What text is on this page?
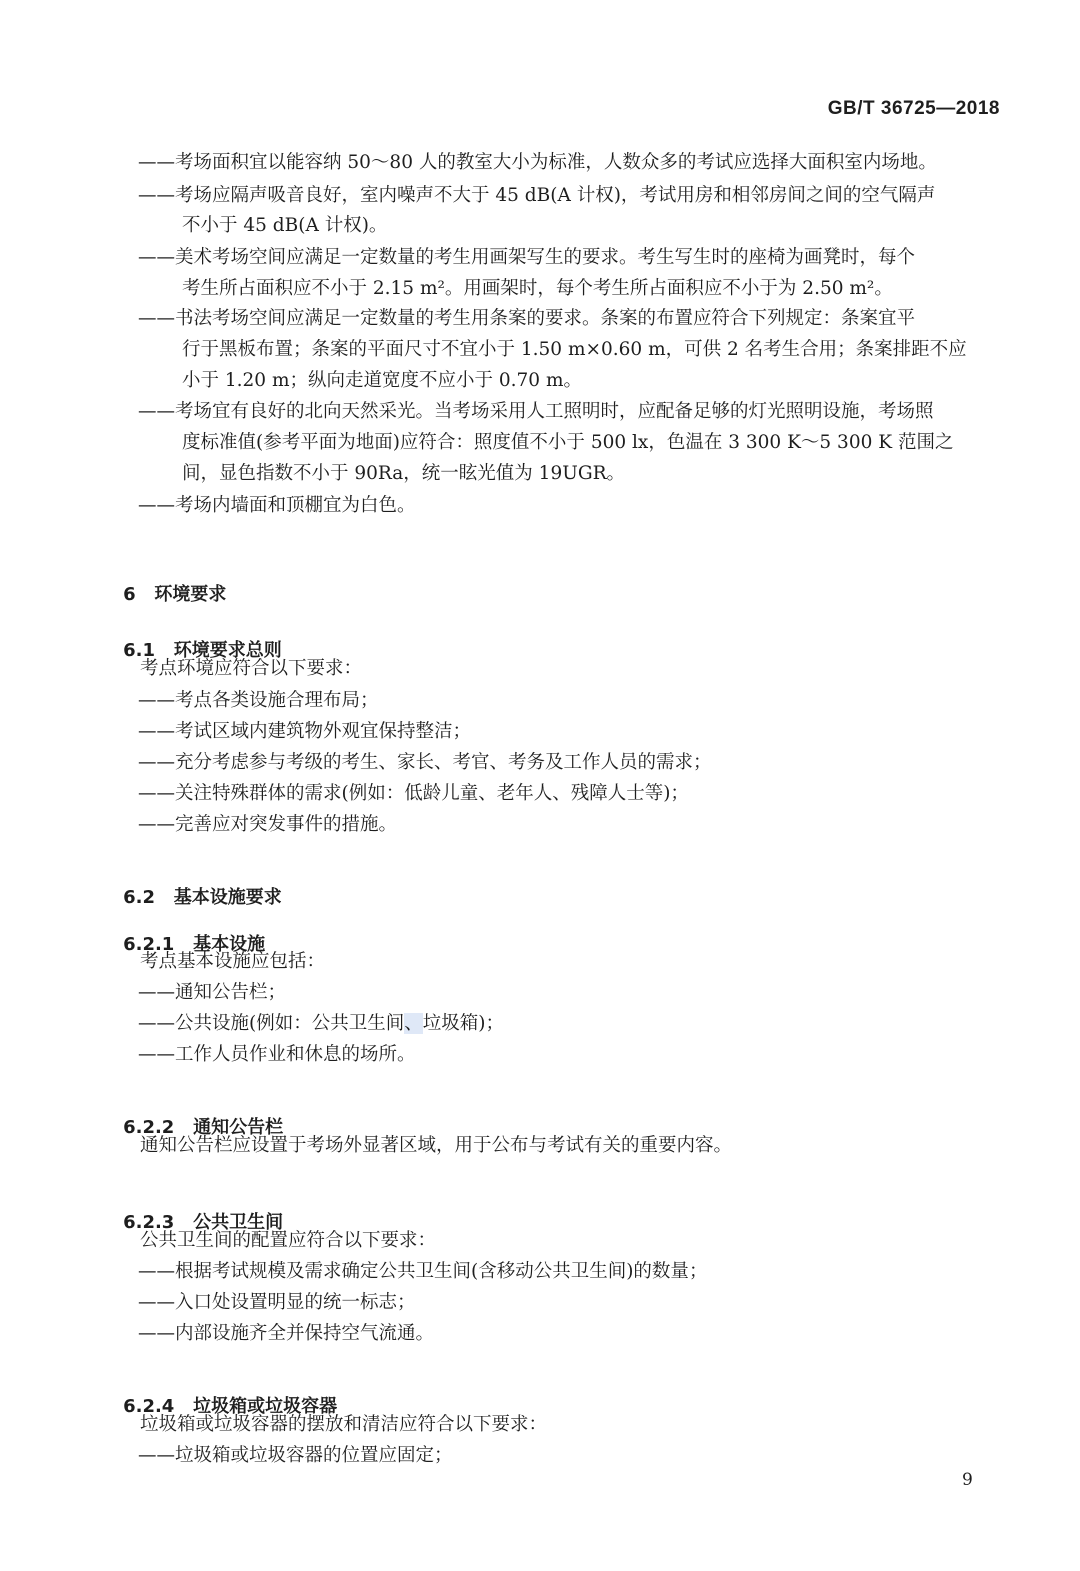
GB/T 36725—2018
——考场面积宜以能容纳 50～80 人的教室大小为标准，人数众多的考试应选择大面积室内场地。
——考场应隔声吸音良好，室内噪声不大于 45 dB(A 计权)，考试用房和相邻房间之间的空气隔声
不小于 45 dB(A 计权)。
——美术考场空间应满足一定数量的考生用画架写生的要求。考生写生时的座椅为画凳时，每个
考生所占面积应不小于 2.15 m²。用画架时，每个考生所占面积应不小于为 2.50 m²。
——书法考场空间应满足一定数量的考生用条案的要求。条案的布置应符合下列规定：条案宜平
行于黑板布置；条案的平面尺寸不宜小于 1.50 m×0.60 m，可供 2 名考生合用；条案排距不应
小于 1.20 m；纵向走道宽度不应小于 0.70 m。
——考场宜有良好的北向天然采光。当考场采用人工照明时，应配备足够的灯光照明设施，考场照
度标准值(参考平面为地面)应符合：照度值不小于 500 lx，色温在 3 300 K～5 300 K 范围之
间，显色指数不小于 90Ra，统一眩光值为 19UGR。
——考场内墙面和顶棚宜为白色。

6 环境要求

6.1 环境要求总则

考点环境应符合以下要求：
——考点各类设施合理布局；
——考试区域内建筑物外观宜保持整洁；
——充分考虑参与考级的考生、家长、考官、考务及工作人员的需求；
——关注特殊群体的需求(例如：低龄儿童、老年人、残障人士等)；
——完善应对突发事件的措施。

6.2 基本设施要求

6.2.1 基本设施

考点基本设施应包括：
——通知公告栏；
——公共设施(例如：公共卫生间、垃圾箱)；
——工作人员作业和休息的场所。

6.2.2 通知公告栏

通知公告栏应设置于考场外显著区域，用于公布与考试有关的重要内容。

6.2.3 公共卫生间

公共卫生间的配置应符合以下要求：
——根据考试规模及需求确定公共卫生间(含移动公共卫生间)的数量；
——入口处设置明显的统一标志；
——内部设施齐全并保持空气流通。

6.2.4 垃圾箱或垃圾容器

垃圾箱或垃圾容器的摆放和清洁应符合以下要求：
——垃圾箱或垃圾容器的位置应固定；
9
